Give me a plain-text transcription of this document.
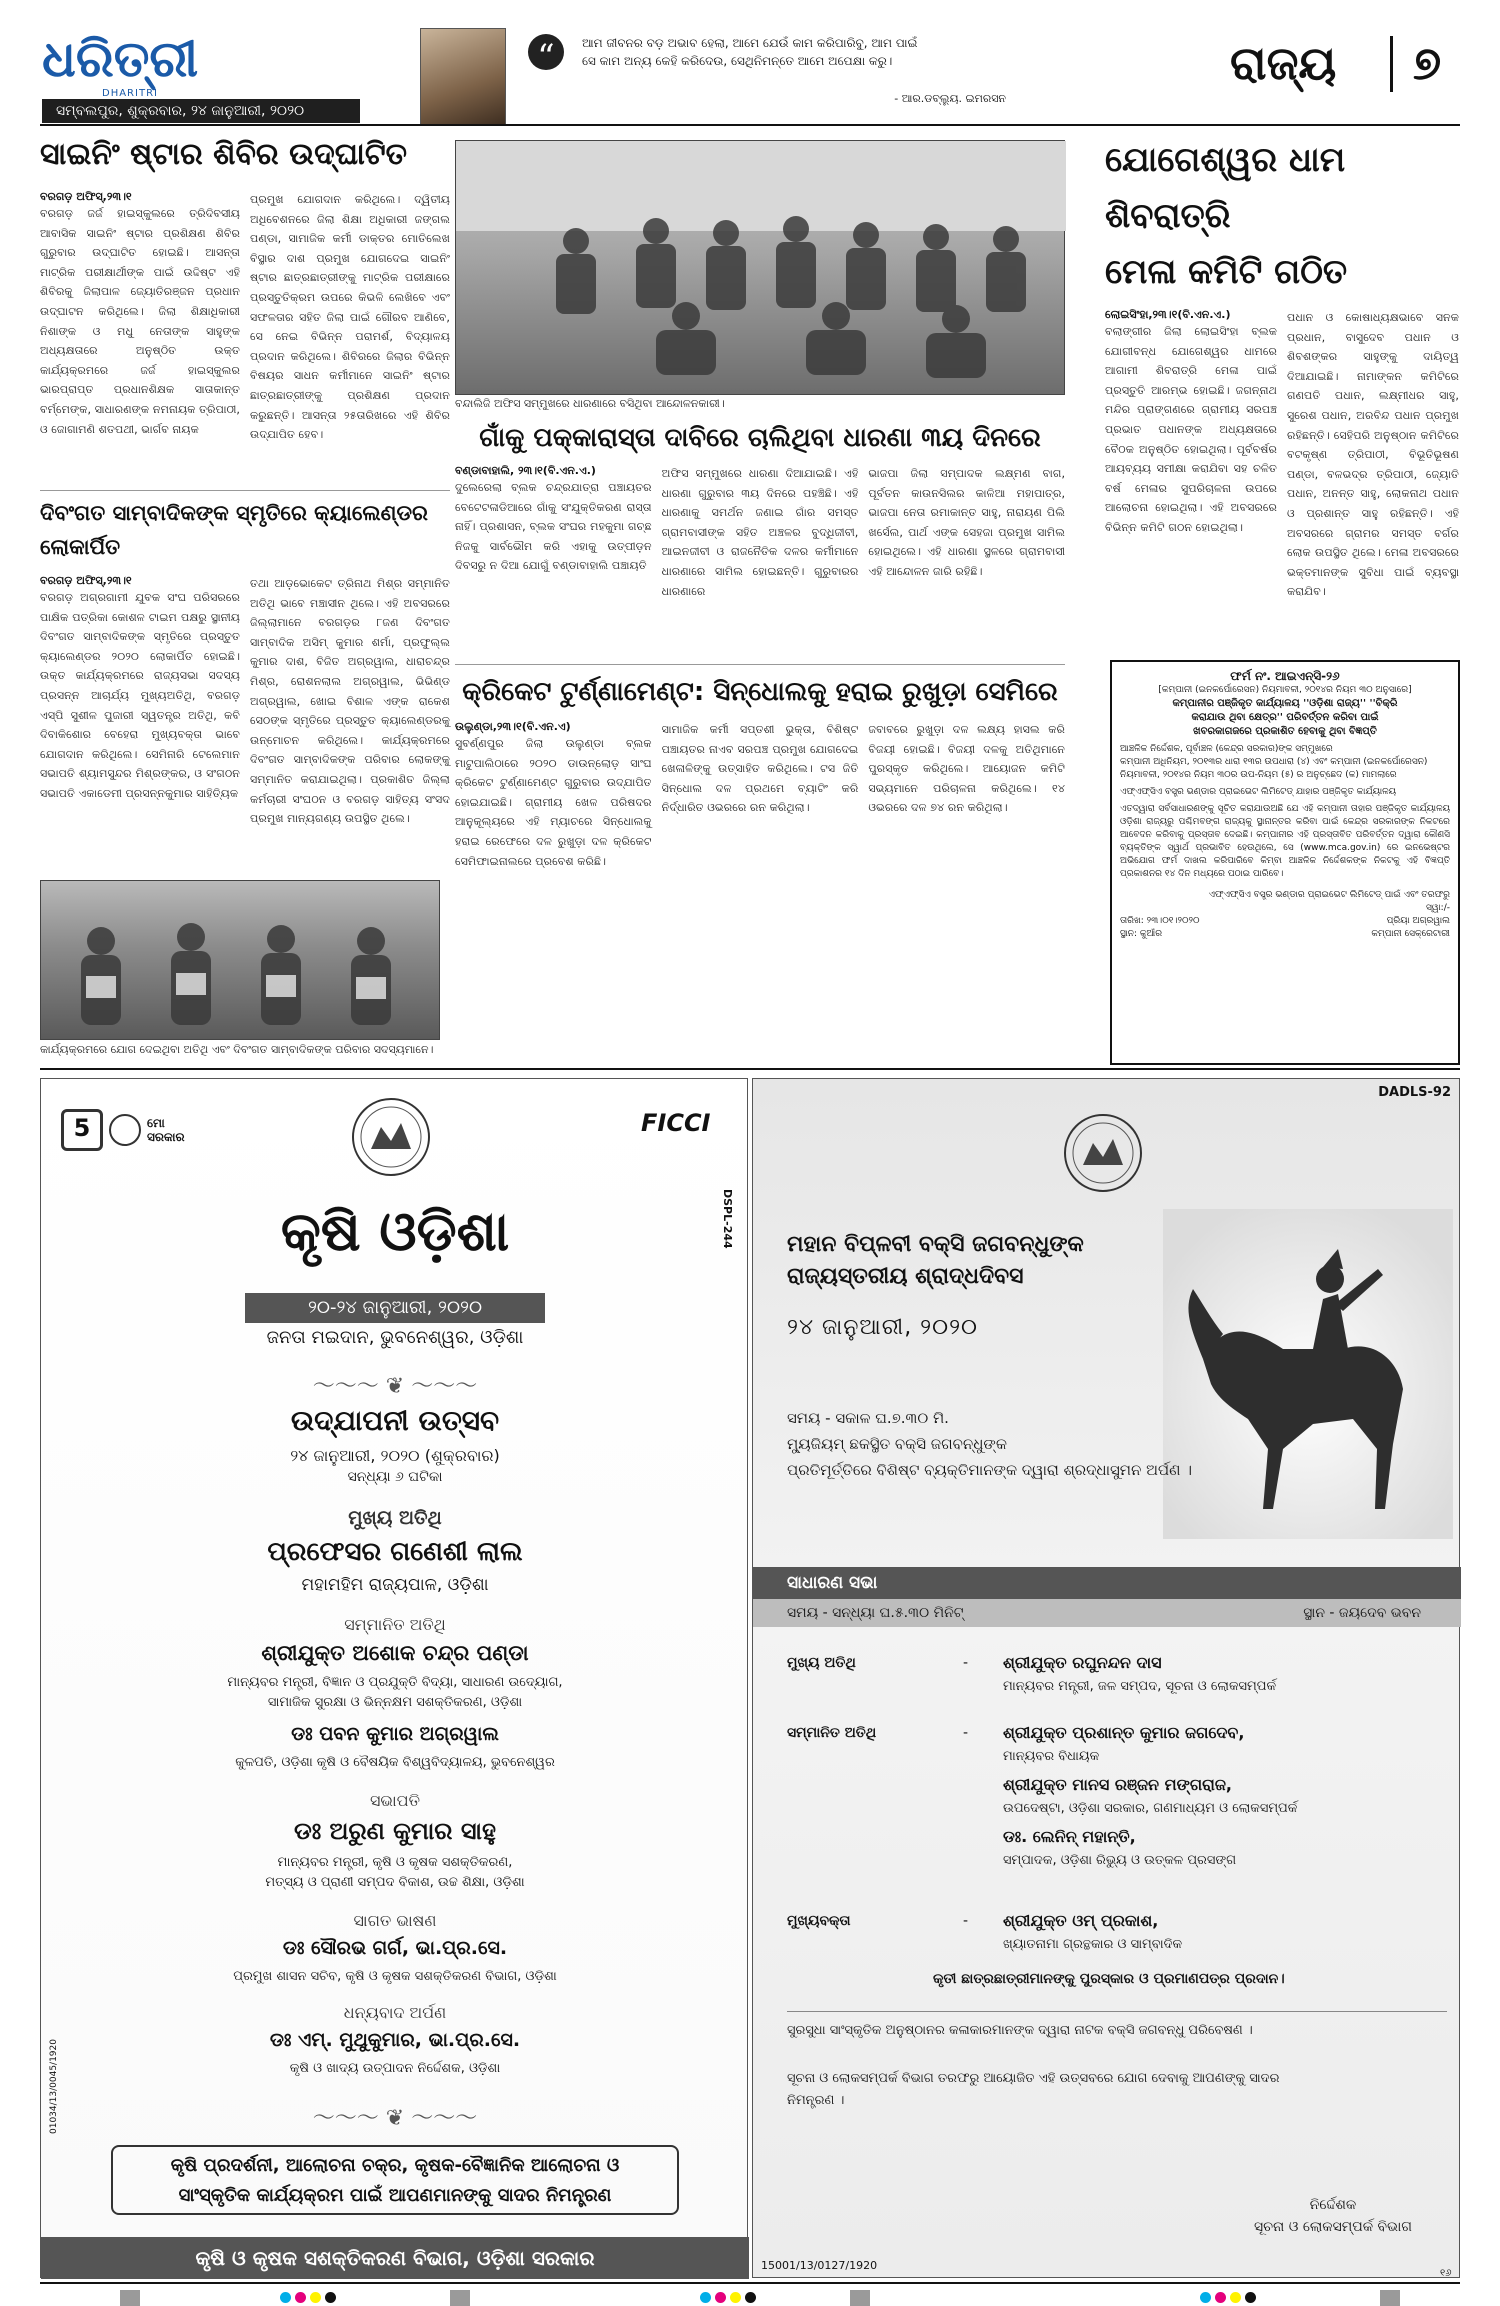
ଧରିତ୍ରୀ
DHARITRI
ସମ୍ବଲପୁର, ଶୁକ୍ରବାର, ୨୪ ଜାନୁଆରୀ, ୨୦୨୦
“	ଆମ ଜୀବନର ବଡ଼ ଅଭାବ ହେଲା, ଆମେ ଯେଉଁ କାମ କରିପାରିବୁ, ଆମ ପାଇଁ
ସେ କାମ ଅନ୍ୟ କେହି କରିଦେଉ, ସେଥିନିମନ୍ତେ ଆମେ ଅପେକ୍ଷା କରୁ।
- ଆର.ଡବ୍ଲ୍ୟୁ. ଇମରସନ
ରାଜ୍ୟ	୭
ସାଇନିଂ ଷ୍ଟାର ଶିବିର ଉଦ୍‌ଘାଟିତ
ବରଗଡ଼ ଅଫିସ୍‌,୨୩।୧
ବରଗଡ଼ ଜର୍ଜ ହାଇସ୍କୁଲରେ ତ୍ରିଦିବସୀୟ ଆବାସିକ ସାଇନିଂ ଷ୍ଟାର ପ୍ରଶିକ୍ଷଣ ଶିବିର ଗୁରୁବାର ଉଦ୍‌ଘାଟିତ ହୋଇଛି। ଆସନ୍ତା ମାଟ୍ରିକ ପରୀକ୍ଷାର୍ଥୀଙ୍କ ପାଇଁ ଉଦ୍ଦିଷ୍ଟ ଏହି ଶିବିରକୁ ଜିଲାପାଳ ଜ୍ୟୋତିରଞ୍ଜନ ପ୍ରଧାନ ଉଦ୍‌ଘାଟନ କରିଥିଲେ। ଜିଲା ଶିକ୍ଷାଧିକାରୀ ନିଶାଙ୍କ ଓ ମଧୁ ନେତାଙ୍କ ସାହୁଙ୍କ ଅଧ୍ୟକ୍ଷତାରେ ଅନୁଷ୍ଠିତ ଉକ୍ତ କାର୍ଯ୍ୟକ୍ରମରେ ଜର୍ଜ ହାଇସ୍କୁଲର ଭାରପ୍ରାପ୍ତ ପ୍ରଧାନଶିକ୍ଷକ ସାତାକାନ୍ତ ବର୍ମ୍ମେଙ୍କ, ସାଧାରଣଙ୍କ ନମନାୟକ ତ୍ରିପାଠୀ, ଓ ଜୋଗାମଣି ଶତପଥୀ, ଭାର୍ଗବ ନାୟକ
ପ୍ରମୁଖ ଯୋଗଦାନ କରିଥିଲେ। ଦ୍ୱିତୀୟ ଅଧିବେଶନରେ ଜିଲା ଶିକ୍ଷା ଅଧିକାରୀ ଜଙ୍ଗଲ ପଣ୍ଡା, ସାମାଜିକ କର୍ମୀ ଡାକ୍ତର ମୋତିଲେଖ ବିସ୍ଥାର ଦାଶ ପ୍ରମୁଖ ଯୋଗଦେଇ ସାଇନିଂ ଷ୍ଟାର ଛାତ୍ରଛାତ୍ରୀଙ୍କୁ ମାଟ୍ରିକ ପରୀକ୍ଷାରେ ପ୍ରସ୍ତୁତିକ୍ରମ ଉପରେ କିଭଳି ଲେଖିବେ ଏବଂ ସଫଳତାର ସହିତ ଜିଲା ପାଇଁ ଗୌରବ ଆଣିବେ, ସେ ନେଇ ବିଭିନ୍ନ ପରାମର୍ଶ, ବିଦ୍ୟାଳୟ ପ୍ରଦାନ କରିଥିଲେ। ଶିବିରରେ ଜିଲାର ବିଭିନ୍ନ ବିଷୟର ସାଧନ କର୍ମୀମାନେ ସାଇନିଂ ଷ୍ଟାର ଛାତ୍ରଛାତ୍ରୀଙ୍କୁ ପ୍ରଶିକ୍ଷଣ ପ୍ରଦାନ କରୁଛନ୍ତି। ଆସନ୍ତା ୨୫ତାରିଖରେ ଏହି ଶିବିର ଉଦ୍‌ଯାପିତ ହେବ।
ଦିବଂଗତ ସାମ୍ବାଦିକଙ୍କ ସ୍ମୃତିରେ କ୍ୟାଲେଣ୍ଡର ଲୋକାର୍ପିତ
ବରଗଡ଼ ଅଫିସ୍‌,୨୩।୧
ବରଗଡ଼ ଅଗ୍ରଗାମୀ ଯୁବକ ସଂଘ ପରିସରରେ ପାକ୍ଷିକ ପତ୍ରିକା କୋଶଳ ଟାଇମ ପକ୍ଷରୁ ସ୍ଥାନୀୟ ଦିବଂଗତ ସାମ୍ବାଦିକଙ୍କ ସ୍ମୃତିରେ ପ୍ରସ୍ତୁତ କ୍ୟାଲେଣ୍ଡର ୨୦୨୦ ଲୋକାର୍ପିତ ହୋଇଛି। ଉକ୍ତ କାର୍ଯ୍ୟକ୍ରମରେ ରାଜ୍ୟସଭା ସଦସ୍ୟ ପ୍ରସନ୍ନ ଆଚାର୍ଯ୍ୟ ମୁଖ୍ୟଅତିଥି, ବରଗଡ଼ ଏସ୍‌ପି ସୁଶୀଳ ପୁଜାରୀ ସ୍ୱତନ୍ତ୍ର ଅତିଥି, କବି ଦିବାକିଶୋର ବେହେରା ମୁଖ୍ୟବକ୍ତା ଭାବେ ଯୋଗଦାନ କରିଥିଲେ। ସେମିନାରି ଟେଲେମାନ ସଭାପତି ଶ୍ୟାମସୁନ୍ଦର ମିଶ୍ରଙ୍କର, ଓ ସଂଗଠନ ସଭାପତି ଏକାଡେମୀ ପ୍ରସନ୍ନକୁମାର ସାହିତ୍ୟିକ
ତଥା ଆଡ଼ଭୋକେଟ ତ୍ରିନାଥ ମିଶ୍ର ସମ୍ମାନିତ ଅତିଥି ଭାବେ ମଞ୍ଚାସୀନ ଥିଲେ। ଏହି ଅବସରରେ ଜିଲ୍ଲାମାନେ ବରଗଡ଼ର ୮ଜଣ ଦିବଂଗତ ସାମ୍ବାଦିକ ଅସିମ୍‌ କୁମାର ଶର୍ମା, ପ୍ରଫୁଲ୍ଲ କୁମାର ଦାଶ, ବିଜିତ ଅଗ୍ରୱାଲ, ଧାରାଚନ୍ଦ୍ର ମିଶ୍ର, ରୋଶନଲାଲ ଅଗ୍ରୱାଲ, ଭିଭିଣ୍ଡ ଅଗ୍ରୱାଲ, ଖୋଇ ବିଶାଳ ଏଙ୍କ ରାକେଶ ସେଠଙ୍କ ସ୍ମୃତିରେ ପ୍ରସ୍ତୁତ କ୍ୟାଲେଣ୍ଡରକୁ ଉନ୍ମୋଚନ କରିଥିଲେ। କାର୍ଯ୍ୟକ୍ରମରେ ଦିବଂଗତ ସାମ୍ବାଦିକଙ୍କ ପରିବାର ଲୋକଙ୍କୁ ସମ୍ମାନିତ କରାଯାଇଥିଲା। ପ୍ରକାଶିତ ଜିଲ୍ଲା କର୍ମଚାରୀ ସଂଘଠନ ଓ ବରଗଡ଼ ସାହିତ୍ୟ ସଂସଦ ପ୍ରମୁଖ ମାନ୍ୟଗଣ୍ୟ ଉପସ୍ଥିତ ଥିଲେ।
କାର୍ଯ୍ୟକ୍ରମରେ ଯୋଗ ଦେଇଥିବା ଅତିଥି ଏବଂ ଦିବଂଗତ ସାମ୍ବାଦିକଙ୍କ ପରିବାର ସଦସ୍ୟମାନେ।
ବନ୍ଦାଲିଜି ଅଫିସ ସମ୍ମୁଖରେ ଧାରଣାରେ ବସିଥିବା ଆନ୍ଦୋଳନକାରୀ।
ଗାଁକୁ ପକ୍କାରାସ୍ତା ଦାବିରେ ଚାଲିଥିବା ଧାରଣା ୩ୟ ଦିନରେ
ବଣ୍ଡାବାହାଲି, ୨୩।୧(ବି.ଏନ.ଏ.)
ଦୁଲେରେଲା ବ୍ଲକ ଚନ୍ଦ୍ରଯାତ୍ରା ପଞ୍ଚାୟତର ବେଟେଟଳାଡିଆରେ ଗାଁକୁ ସଂଯୁକ୍ତିକରଣ ରାସ୍ତା ନାହିଁ। ପ୍ରଶାସନ, ବ୍ଲକ ସଂଘର ମହକୁମା ଗଚ୍ଛ ନିଜକୁ ସାର୍ବଭୌମ କରି ଏହାକୁ ଉତ୍ପୀଡ଼ନ ଦିବସରୁ ନ ଦିଆ ଯୋଗୁଁ ବଣ୍ଡାବାହାଲି ପଞ୍ଚାୟତି
ଅଫିସ ସମ୍ମୁଖରେ ଧାରଣା ଦିଆଯାଇଛି। ଏହି ଧାରଣା ଗୁରୁବାର ୩ୟ ଦିନରେ ପହଞ୍ଚିଛି। ଏହି ଧାରଣାକୁ ସମର୍ଥନ ଜଣାଇ ଗାଁର ସମସ୍ତ ଗ୍ରାମବାସୀଙ୍କ ସହିତ ଅଞ୍ଚଳର ବୁଦ୍ଧିଜୀବୀ, ଆଇନଜୀବୀ ଓ ରାଜନୈତିକ ଦଳର କର୍ମୀମାନେ ଧାରଣାରେ ସାମିଲ ହୋଇଛନ୍ତି। ଗୁରୁବାରର ଧାରଣାରେ
ଭାଜପା ଜିଲା ସମ୍ପାଦକ ଲକ୍ଷ୍ମଣ ବାଗ, ପୂର୍ବତନ କାଉନସିଲର କାଳିଆ ମହାପାତ୍ର, ଭାଜପା ନେତା ରମାକାନ୍ତ ସାହୁ, ନାରାୟଣ ପିଲି ଖର୍ସେଲ, ପାର୍ଥ ଏଙ୍କ ସେହଜା ପ୍ରମୁଖ ସାମିଲ ହୋଇଥିଲେ। ଏହି ଧାରଣା ସ୍ଥଳରେ ଗ୍ରାମବାସୀ ଏହି ଆନ୍ଦୋଳନ ଜାରି ରହିଛି।
କ୍ରିକେଟ ଟୁର୍ଣ୍ଣାମେଣ୍ଟ: ସିନ୍ଧୋଲକୁ ହରାଇ ରୁଖୁଡ଼ା ସେମିରେ
ଉଲୁଣ୍ଡା,୨୩।୧(ବି.ଏନ.ଏ)
ସୁବର୍ଣ୍ଣପୁର ଜିଲା ଉଲୁଣ୍ଡା ବ୍ଲକ ମାଟୁପାଲିଠାରେ ୨୦୨୦ ଡାଉନ୍‌ଲୋଡ଼ ସାଂଘ କ୍ରିକେଟ ଟୁର୍ଣ୍ଣାମେଣ୍ଟ ଗୁରୁବାର ଉଦ୍‌ଯାପିତ ହୋଇଯାଇଛି। ଗ୍ରାମୀୟ ଖେଳ ପରିଷଦର ଆନୁକୂଲ୍ୟରେ ଏହି ମ୍ୟାଚରେ ସିନ୍ଧୋଲକୁ ହରାଇ ରେଫେରେ ଦଳ ରୁଖୁଡ଼ା ଦଳ କ୍ରିକେଟ ସେମିଫାଇନାଲରେ ପ୍ରବେଶ କରିଛି।
ସାମାଜିକ କର୍ମୀ ସପ୍ତଶୀ ଭୁକ୍ତା, ବିଶିଷ୍ଟ ପଞ୍ଚାୟତର ନାଏବ ସରପଞ୍ଚ ପ୍ରମୁଖ ଯୋଗଦେଇ ଖେଳାଳିଙ୍କୁ ଉତ୍ସାହିତ କରିଥିଲେ। ଟସ ଜିତି ସିନ୍ଧୋଲ ଦଳ ପ୍ରଥମେ ବ୍ୟାଟିଂ କରି ନିର୍ଦ୍ଧାରିତ ଓଭରରେ ରନ କରିଥିଲା।
ଜବାବରେ ରୁଖୁଡ଼ା ଦଳ ଲକ୍ଷ୍ୟ ହାସଲ କରି ବିଜୟୀ ହୋଇଛି। ବିଜୟୀ ଦଳକୁ ଅତିଥିମାନେ ପୁରସ୍କୃତ କରିଥିଲେ। ଆୟୋଜନ କମିଟି ସଭ୍ୟମାନେ ପରିଚାଳନା କରିଥିଲେ। ୧୪ ଓଭରରେ ଦଳ ୭୪ ରନ କରିଥିଲା।
ଯୋଗେଶ୍ୱର ଧାମ ଶିବରାତ୍ରି
ମେଳା କମିଟି ଗଠିତ
ଲୋଇସିଂହା,୨୩।୧(ବି.ଏନ.ଏ.)
ବଲାଙ୍ଗୀର ଜିଲା ଲୋଇସିଂହା ବ୍ଲକ ଯୋଗୀବନ୍ଧ ଯୋଗେଶ୍ୱର ଧାମରେ ଆଗାମୀ ଶିବରାତ୍ରି ମେଳା ପାଇଁ ପ୍ରସ୍ତୁତି ଆରମ୍ଭ ହୋଇଛି। ଜଗନ୍ନାଥ ମନ୍ଦିର ପ୍ରାଙ୍ଗଣରେ ଗ୍ରାମୀୟ ସରପଞ୍ଚ ପ୍ରଭାତ ପଧାନଙ୍କ ଅଧ୍ୟକ୍ଷତାରେ ବୈଠକ ଅନୁଷ୍ଠିତ ହୋଇଥିଲା। ପୂର୍ବବର୍ଷର ଆୟବ୍ୟୟ ସମୀକ୍ଷା କରାଯିବା ସହ ଚଳିତ ବର୍ଷ ମେଳାର ସୁପରିଚାଳନା ଉପରେ ଆଲୋଚନା ହୋଇଥିଲା। ଏହି ଅବସରରେ ବିଭିନ୍ନ କମିଟି ଗଠନ ହୋଇଥିଲା।
ପଧାନ ଓ କୋଷାଧ୍ୟକ୍ଷଭାବେ ସନକ ପ୍ରଧାନ, ବାସୁଦେବ ପଧାନ ଓ ଶିବଶଙ୍କର ସାହୁଙ୍କୁ ଦାୟିତ୍ୱ ଦିଆଯାଇଛି। ନାମାଙ୍କନ କମିଟିରେ ଗଣପତି ପଧାନ, ଲକ୍ଷ୍ମୀଧର ସାହୁ, ସୁରେଶ ପଧାନ, ଅରବିନ୍ଦ ପଧାନ ପ୍ରମୁଖ ରହିଛନ୍ତି। ସେହିପରି ଅନୁଷ୍ଠାନ କମିଟିରେ ବଟକୃଷ୍ଣ ତ୍ରିପାଠୀ, ବିଭୂତିଭୂଷଣ ପଣ୍ଡା, ବଳଭଦ୍ର ତ୍ରିପାଠୀ, ଜ୍ୟୋତି ପଧାନ, ଅନନ୍ତ ସାହୁ, ଲୋକନାଥ ପଧାନ ଓ ପ୍ରଶାନ୍ତ ସାହୁ ରହିଛନ୍ତି। ଏହି ଅବସରରେ ଗ୍ରାମର ସମସ୍ତ ବର୍ଗର ଲୋକ ଉପସ୍ଥିତ ଥିଲେ। ମେଳା ଅବସରରେ ଭକ୍ତମାନଙ୍କ ସୁବିଧା ପାଇଁ ବ୍ୟବସ୍ଥା କରାଯିବ।
ଫର୍ମ ନଂ. ଆଇଏନ୍‌ସି-୨୬
[କମ୍ପାନୀ (ଇନକର୍ପୋରେସନ) ନିୟମାବଳୀ, ୨୦୧୪ର ନିୟମ ୩୦ ଅନୁସାରେ]
କମ୍ପାନୀର ପଞ୍ଜିକୃତ କାର୍ଯ୍ୟାଳୟ ''ଓଡ଼ିଶା ରାଜ୍ୟ'' ''ବିକ୍ରି
କରାଯାଉ ଥିବା କ୍ଷେତ୍ର'' ପରିବର୍ତ୍ତନ କରିବା ପାଇଁ
ଖବରକାଗଜରେ ପ୍ରକାଶିତ ହେବାକୁ ଥିବା ବିଜ୍ଞପ୍ତି
ଆଞ୍ଚଳିକ ନିର୍ଦ୍ଦେଶକ, ପୂର୍ବାଞ୍ଚଳ (କେନ୍ଦ୍ର ସରକାର)ଙ୍କ ସମ୍ମୁଖରେ
କମ୍ପାନୀ ଅଧିନିୟମ, ୨୦୧୩ର ଧାରା ୧୩ର ଉପଧାରା (୪) ଏବଂ କମ୍ପାନୀ (ଇନକର୍ପୋରେସନ)
ନିୟମାବଳୀ, ୨୦୧୪ର ନିୟମ ୩୦ର ଉପ-ନିୟମ (୫) ର ଅନୁଚ୍ଛେଦ (କ) ମାମଲାରେ
ଏଫ୍‌ଏଫ୍‌ସିଏ ବସ୍ତ୍ର ଭଣ୍ଡାର ପ୍ରାଇଭେଟ ଲିମିଟେଡ୍‌ ଯାହାର ପଞ୍ଜିକୃତ କାର୍ଯ୍ୟାଳୟ
ଏତଦ୍ୱାରା ସର୍ବସାଧାରଣଙ୍କୁ ସୂଚିତ କରାଯାଉଅଛି ଯେ ଏହି କମ୍ପାନୀ ତାହାର ପଞ୍ଜିକୃତ କାର୍ଯ୍ୟାଳୟ ଓଡ଼ିଶା ରାଜ୍ୟରୁ ପଶ୍ଚିମବଙ୍ଗ ରାଜ୍ୟକୁ ସ୍ଥାନାନ୍ତର କରିବା ପାଇଁ କେନ୍ଦ୍ର ସରକାରଙ୍କ ନିକଟରେ ଆବେଦନ କରିବାକୁ ପ୍ରସ୍ତାବ ଦେଇଛି। କମ୍ପାନୀର ଏହି ପ୍ରସ୍ତାବିତ ପରିବର୍ତ୍ତନ ଦ୍ୱାରା କୌଣସି ବ୍ୟକ୍ତିଙ୍କ ସ୍ୱାର୍ଥ ପ୍ରଭାବିତ ହେଉଥିଲେ, ସେ (www.mca.gov.in) ରେ ଇନଭେଷ୍ଟର ଅଭିଯୋଗ ଫର୍ମ ଦାଖଲ କରିପାରିବେ କିମ୍ବା ଆଞ୍ଚଳିକ ନିର୍ଦ୍ଦେଶକଙ୍କ ନିକଟକୁ ଏହି ବିଜ୍ଞପ୍ତି ପ୍ରକାଶନର ୧୪ ଦିନ ମଧ୍ୟରେ ପଠାଇ ପାରିବେ।
ଏଫ୍‌ଏଫ୍‌ସିଏ ବସ୍ତ୍ର ଭଣ୍ଡାର ପ୍ରାଇଭେଟ ଲିମିଟେଡ୍‌ ପାଇଁ ଏବଂ ତରଫରୁ
ସ୍ୱା:/-
ତାରିଖ: ୨୩।୦୧।୨୦୨୦
ସ୍ଥାନ: କୁଆଁର
ପ୍ରିୟା ଅଗ୍ରୱାଲ
କମ୍ପାନୀ ସେକ୍ରେଟାରୀ
5	ମୋ
ସରକାର	FICCI
DSPL-244
କୃଷି ଓଡ଼ିଶା
୨୦-୨୪ ଜାନୁଆରୀ, ୨୦୨୦
ଜନତା ମଇଦାନ, ଭୁବନେଶ୍ୱର, ଓଡ଼ିଶା
〜〜〜 ❦ 〜〜〜
ଉଦ୍‌ଯାପନୀ ଉତ୍ସବ
୨୪ ଜାନୁଆରୀ, ୨୦୨୦ (ଶୁକ୍ରବାର)
ସନ୍ଧ୍ୟା ୬ ଘଟିକା
ମୁଖ୍ୟ ଅତିଥି
ପ୍ରଫେସର ଗଣେଶୀ ଲାଲ
ମହାମହିମ ରାଜ୍ୟପାଳ, ଓଡ଼ିଶା
ସମ୍ମାନିତ ଅତିଥି
ଶ୍ରୀଯୁକ୍ତ ଅଶୋକ ଚନ୍ଦ୍ର ପଣ୍ଡା
ମାନ୍ୟବର ମନ୍ତ୍ରୀ, ବିଜ୍ଞାନ ଓ ପ୍ରଯୁକ୍ତି ବିଦ୍ୟା, ସାଧାରଣ ଉଦ୍ୟୋଗ,
ସାମାଜିକ ସୁରକ୍ଷା ଓ ଭିନ୍ନକ୍ଷମ ସଶକ୍ତିକରଣ, ଓଡ଼ିଶା
ଡଃ ପବନ କୁମାର ଅଗ୍ରୱାଲ
କୁଳପତି, ଓଡ଼ିଶା କୃଷି ଓ ବୈଷୟିକ ବିଶ୍ୱବିଦ୍ୟାଳୟ, ଭୁବନେଶ୍ୱର
ସଭାପତି
ଡଃ ଅରୁଣ କୁମାର ସାହୁ
ମାନ୍ୟବର ମନ୍ତ୍ରୀ, କୃଷି ଓ କୃଷକ ସଶକ୍ତିକରଣ,
ମତ୍ସ୍ୟ ଓ ପ୍ରାଣୀ ସମ୍ପଦ ବିକାଶ, ଉଚ୍ଚ ଶିକ୍ଷା, ଓଡ଼ିଶା
ସାଗତ ଭାଷଣ
ଡଃ ସୌରଭ ଗର୍ଗ, ଭା.ପ୍ର.ସେ.
ପ୍ରମୁଖ ଶାସନ ସଚିବ, କୃଷି ଓ କୃଷକ ସଶକ୍ତିକରଣ ବିଭାଗ, ଓଡ଼ିଶା
ଧନ୍ୟବାଦ ଅର୍ପଣ
ଡଃ ଏମ୍. ମୁଥୁକୁମାର, ଭା.ପ୍ର.ସେ.
କୃଷି ଓ ଖାଦ୍ୟ ଉତ୍ପାଦନ ନିର୍ଦ୍ଦେଶକ, ଓଡ଼ିଶା
〜〜〜 ❦ 〜〜〜
01034/13/0045/1920
କୃଷି ପ୍ରଦର୍ଶନୀ, ଆଲୋଚନା ଚକ୍ର, କୃଷକ-ବୈଜ୍ଞାନିକ ଆଲୋଚନା ଓ
ସାଂସ୍କୃତିକ କାର୍ଯ୍ୟକ୍ରମ ପାଇଁ ଆପଣମାନଙ୍କୁ ସାଦର ନିମନ୍ତ୍ରଣ
କୃଷି ଓ କୃଷକ ସଶକ୍ତିକରଣ ବିଭାଗ, ଓଡ଼ିଶା ସରକାର
DADLS-92
ମହାନ ବିପ୍ଳବୀ ବକ୍ସି ଜଗବନ୍ଧୁଙ୍କ
ରାଜ୍ୟସ୍ତରୀୟ ଶ୍ରାଦ୍ଧଦିବସ
୨୪ ଜାନୁଆରୀ, ୨୦୨୦
ସମୟ - ସକାଳ ଘ.୭.୩୦ ମି.
ମ୍ୟୁଜିୟମ୍‌ ଛକସ୍ଥିତ ବକ୍ସି ଜଗବନ୍ଧୁଙ୍କ
ପ୍ରତିମୂର୍ତ୍ତିରେ ବିଶିଷ୍ଟ ବ୍ୟକ୍ତିମାନଙ୍କ ଦ୍ୱାରା ଶ୍ରଦ୍ଧାସୁମନ ଅର୍ପଣ ।
ସାଧାରଣ ସଭା
ସମୟ - ସନ୍ଧ୍ୟା ଘ.୫.୩୦ ମିନିଟ୍‌	ସ୍ଥାନ - ଜୟଦେବ ଭବନ
ମୁଖ୍ୟ ଅତିଥି	- ଶ୍ରୀଯୁକ୍ତ ରଘୁନନ୍ଦନ ଦାସ
ମାନ୍ୟବର ମନ୍ତ୍ରୀ, ଜଳ ସମ୍ପଦ, ସୂଚନା ଓ ଲୋକସମ୍ପର୍କ
ସମ୍ମାନିତ ଅତିଥି	- ଶ୍ରୀଯୁକ୍ତ ପ୍ରଶାନ୍ତ କୁମାର ଜଗଦେବ,
ମାନ୍ୟବର ବିଧାୟକ
ଶ୍ରୀଯୁକ୍ତ ମାନସ ରଞ୍ଜନ ମଙ୍ଗରାଜ,
ଉପଦେଷ୍ଟା, ଓଡ଼ିଶା ସରକାର, ଗଣମାଧ୍ୟମ ଓ ଲୋକସମ୍ପର୍କ
ଡଃ. ଲେନିନ୍‌ ମହାନ୍ତି,
ସମ୍ପାଦକ, ଓଡ଼ିଶା ରିଭ୍ୟୁ ଓ ଉତ୍କଳ ପ୍ରସଙ୍ଗ
ମୁଖ୍ୟବକ୍ତା	- ଶ୍ରୀଯୁକ୍ତ ଓମ୍‌ ପ୍ରକାଶ,
ଖ୍ୟାତନାମା ଗ୍ରନ୍ଥକାର ଓ ସାମ୍ବାଦିକ
କୃତୀ ଛାତ୍ରଛାତ୍ରୀମାନଙ୍କୁ ପୁରସ୍କାର ଓ ପ୍ରମାଣପତ୍ର ପ୍ରଦାନ।
ସୁରସୁଧା ସାଂସ୍କୃତିକ ଅନୁଷ୍ଠାନର କଳାକାରମାନଙ୍କ ଦ୍ୱାରା ନାଟକ ବକ୍ସି ଜଗବନ୍ଧୁ ପରିବେଷଣ ।
ସୂଚନା ଓ ଲୋକସମ୍ପର୍କ ବିଭାଗ ତରଫରୁ ଆୟୋଜିତ ଏହି ଉତ୍ସବରେ ଯୋଗ ଦେବାକୁ ଆପଣଙ୍କୁ ସାଦର
ନିମନ୍ତ୍ରଣ ।
ନିର୍ଦ୍ଦେଶକ
ସୂଚନା ଓ ଲୋକସମ୍ପର୍କ ବିଭାଗ
15001/13/0127/1920
୧୬
